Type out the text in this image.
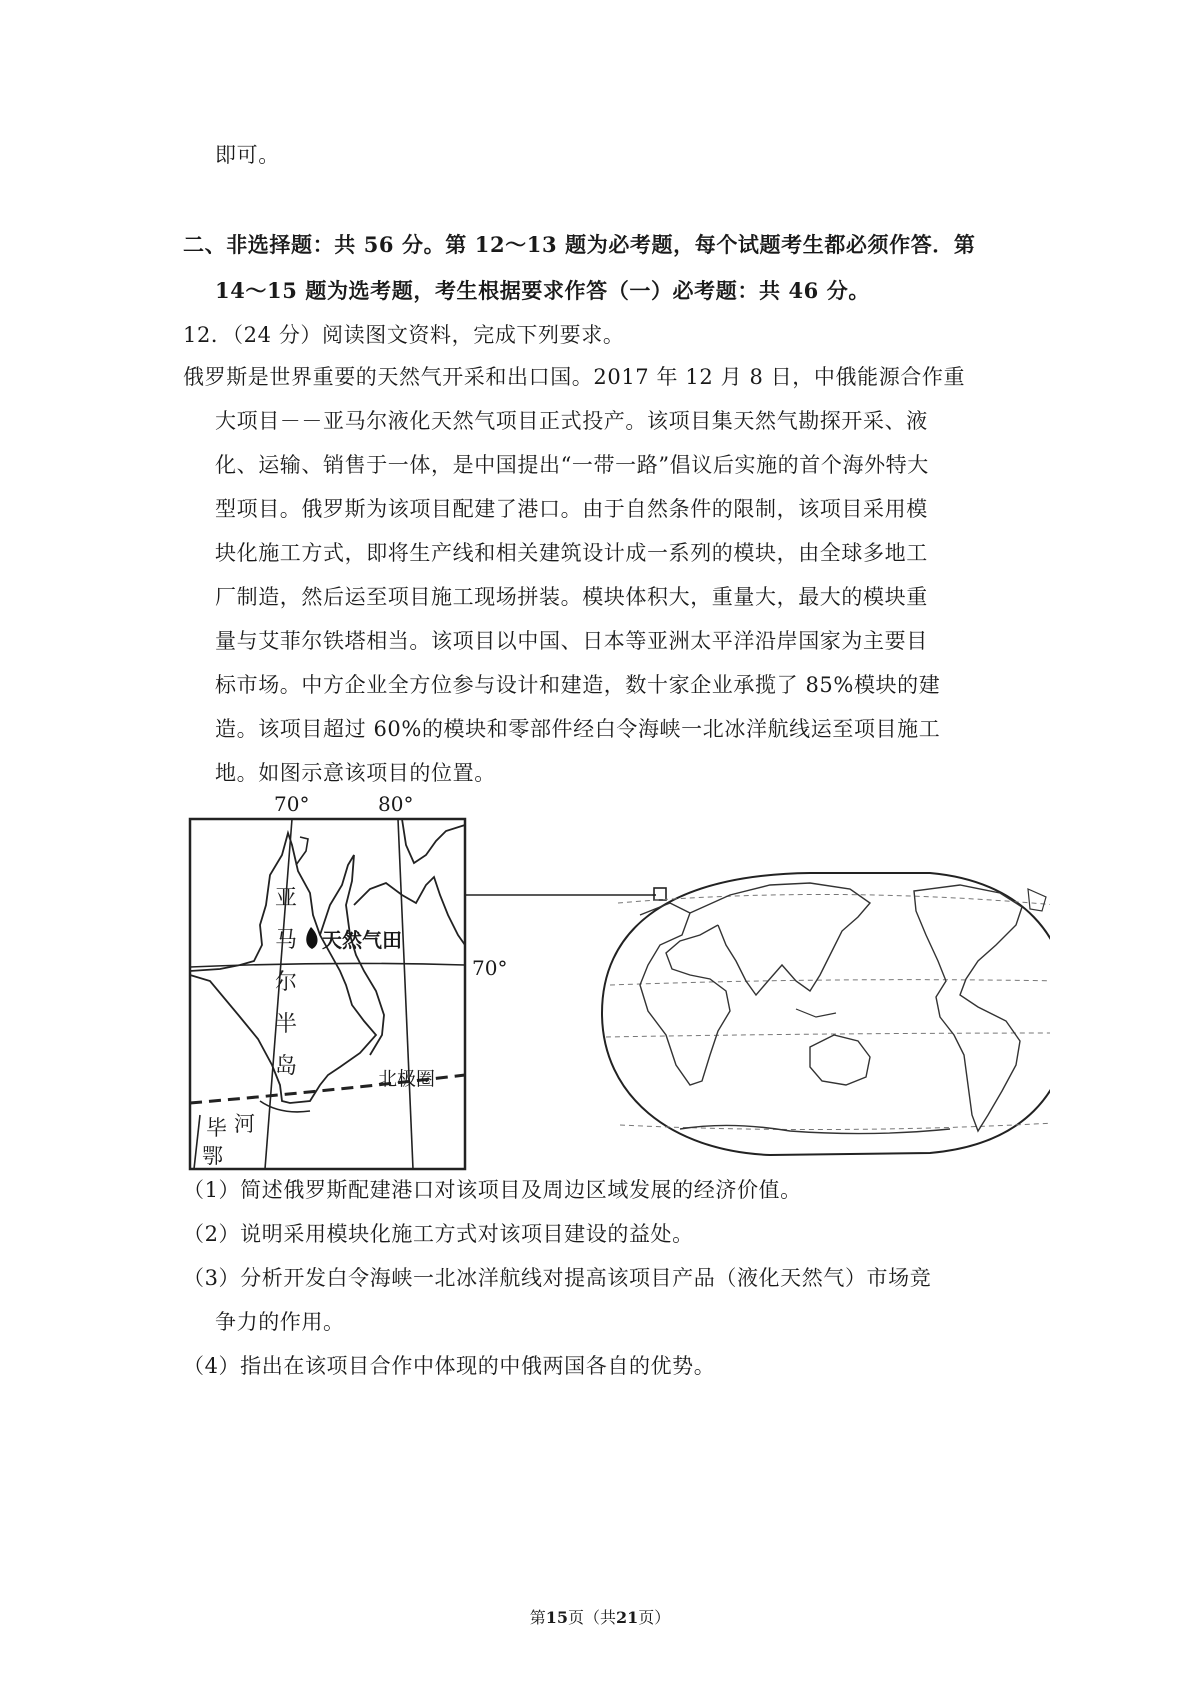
即可。
二、非选择题：共 56 分。第 12～13 题为必考题，每个试题考生都必须作答．第
14～15 题为选考题，考生根据要求作答（一）必考题：共 46 分。
12．（24 分）阅读图文资料，完成下列要求。
俄罗斯是世界重要的天然气开采和出口国。2017 年 12 月 8 日，中俄能源合作重
大项目－－亚马尔液化天然气项目正式投产。该项目集天然气勘探开采、液
化、运输、销售于一体，是中国提出“一带一路”倡议后实施的首个海外特大
型项目。俄罗斯为该项目配建了港口。由于自然条件的限制，该项目采用模
块化施工方式，即将生产线和相关建筑设计成一系列的模块，由全球多地工
厂制造，然后运至项目施工现场拼装。模块体积大，重量大，最大的模块重
量与艾菲尔铁塔相当。该项目以中国、日本等亚洲太平洋沿岸国家为主要目
标市场。中方企业全方位参与设计和建造，数十家企业承揽了 85%模块的建
造。该项目超过 60%的模块和零部件经白令海峡一北冰洋航线运至项目施工
地。如图示意该项目的位置。
70°	80°
70°
亚
马
尔
半
岛
天然气田
北极圈
毕 河
鄂
（1）简述俄罗斯配建港口对该项目及周边区域发展的经济价值。
（2）说明采用模块化施工方式对该项目建设的益处。
（3）分析开发白令海峡一北冰洋航线对提高该项目产品（液化天然气）市场竞
争力的作用。
（4）指出在该项目合作中体现的中俄两国各自的优势。
第15页（共21页）
